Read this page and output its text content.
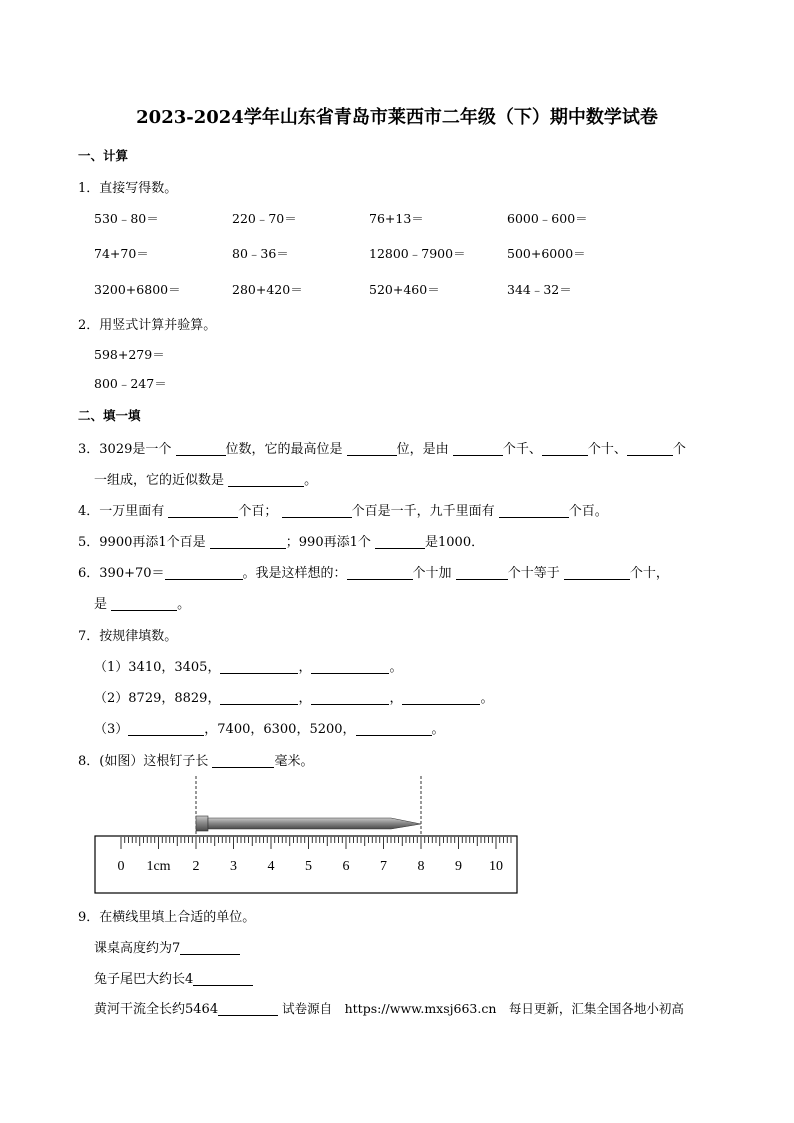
2023-2024学年山东省青岛市莱西市二年级（下）期中数学试卷
一、计算
1．直接写得数。
530﹣80＝	220﹣70＝	76+13＝	6000﹣600＝
74+70＝	80﹣36＝	12800﹣7900＝	500+6000＝
3200+6800＝	280+420＝	520+460＝	344﹣32＝
2．用竖式计算并验算。
598+279＝
800﹣247＝
二、填一填
3．3029是一个	位数，它的最高位是	位，是由	个千、	个十、	个
一组成，它的近似数是	。
4．一万里面有	个百；	个百是一千，九千里面有	个百。
5．9900再添1个百是	；990再添1个	是1000．
6．390+70＝	。我是这样想的：	个十加	个十等于	个十，
是	。
7．按规律填数。
（1）3410，3405，	，	。
（2）8729，8829，	，	，	。
（3）	，7400，6300，5200，	。
8．(如图）这根钉子长	毫米。
0 1cm 2 3 4 5 6 7 8 9 10
9．在横线里填上合适的单位。
课桌高度约为7
兔子尾巴大约长4
黄河干流全长约5464	试卷源自　https://www.mxsj663.cn　每日更新，汇集全国各地小初高
